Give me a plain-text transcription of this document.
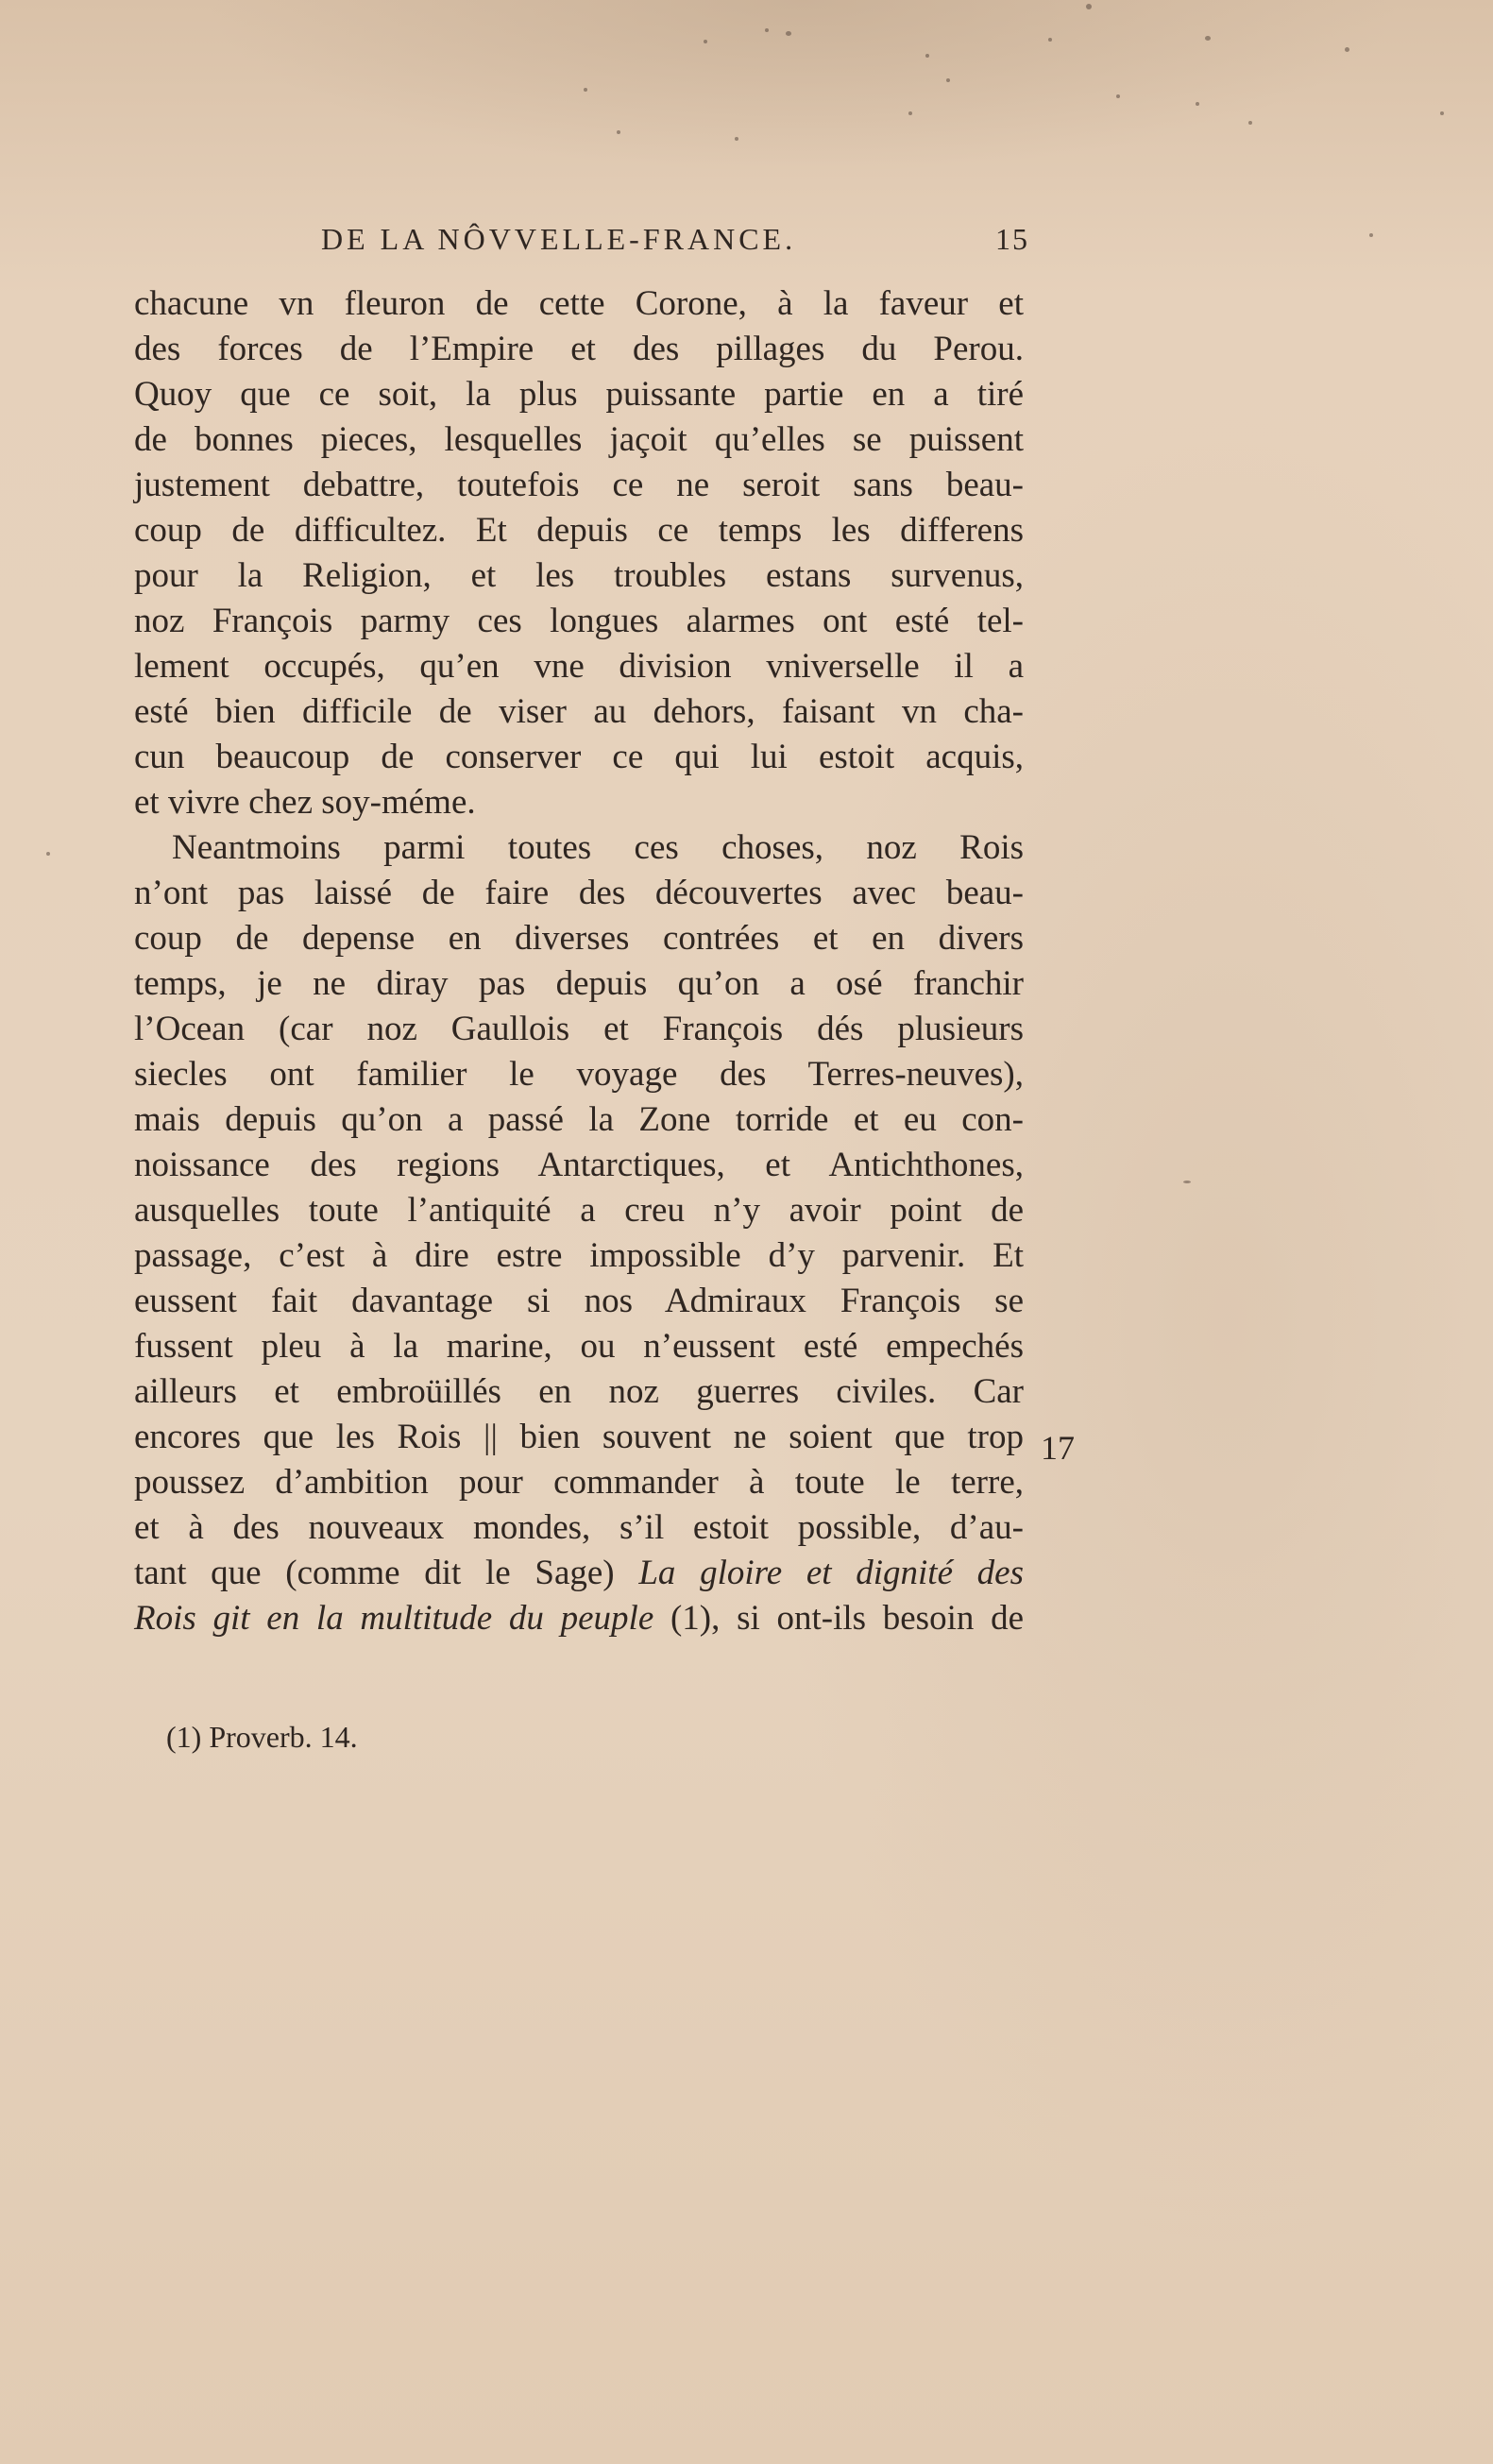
DE LA NÔVVELLE-FRANCE.	15
chacune vn fleuron de cette Corone, à la faveur et
des forces de l’Empire et des pillages du Perou.
Quoy que ce soit, la plus puissante partie en a tiré
de bonnes pieces, lesquelles jaçoit qu’elles se puissent
justement debattre, toutefois ce ne seroit sans beau-
coup de difficultez. Et depuis ce temps les differens
pour la Religion, et les troubles estans survenus,
noz François parmy ces longues alarmes ont esté tel-
lement occupés, qu’en vne division vniverselle il a
esté bien difficile de viser au dehors, faisant vn cha-
cun beaucoup de conserver ce qui lui estoit acquis,
et vivre chez soy-méme.
Neantmoins parmi toutes ces choses, noz Rois
n’ont pas laissé de faire des découvertes avec beau-
coup de depense en diverses contrées et en divers
temps, je ne diray pas depuis qu’on a osé franchir
l’Ocean (car noz Gaullois et François dés plusieurs
siecles ont familier le voyage des Terres-neuves),
mais depuis qu’on a passé la Zone torride et eu con-
noissance des regions Antarctiques, et Antichthones,
ausquelles toute l’antiquité a creu n’y avoir point de
passage, c’est à dire estre impossible d’y parvenir. Et
eussent fait davantage si nos Admiraux François se
fussent pleu à la marine, ou n’eussent esté empechés
ailleurs et embroüillés en noz guerres civiles. Car
encores que les Rois || bien souvent ne soient que trop
poussez d’ambition pour commander à toute le terre,
et à des nouveaux mondes, s’il estoit possible, d’au-
tant que (comme dit le Sage) La gloire et dignité des
Rois git en la multitude du peuple (1), si ont-ils besoin de
17
(1) Proverb. 14.
